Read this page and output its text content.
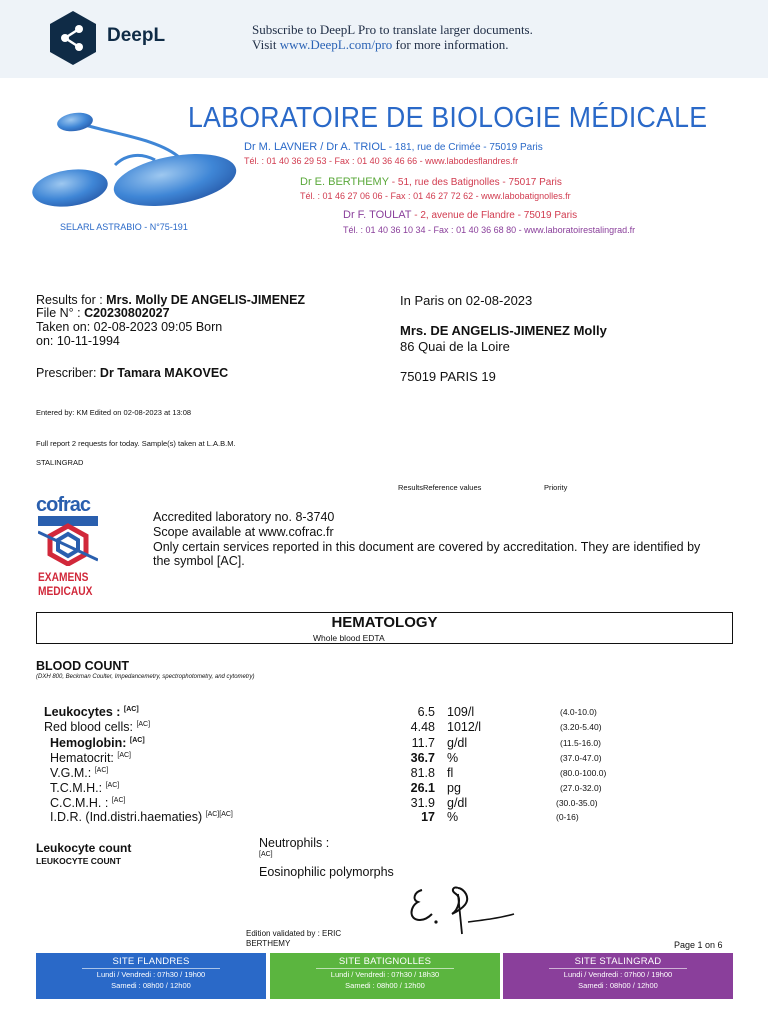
DeepL	Subscribe to DeepL Pro to translate larger documents.
Visit www.DeepL.com/pro for more information.
SELARL ASTRABIO - N°75-191
LABORATOIRE DE BIOLOGIE MÉDICALE
Dr M. LAVNER / Dr A. TRIOL - 181, rue de Crimée - 75019 Paris
Tél. : 01 40 36 29 53 - Fax : 01 40 36 46 66 - www.labodesflandres.fr
Dr E. BERTHEMY - 51, rue des Batignolles - 75017 Paris
Tél. : 01 46 27 06 06 - Fax : 01 46 27 72 62 - www.labobatignolles.fr
Dr F. TOULAT - 2, avenue de Flandre - 75019 Paris
Tél. : 01 40 36 10 34 - Fax : 01 40 36 68 80 - www.laboratoirestalingrad.fr
Results for : Mrs. Molly DE ANGELIS-JIMENEZ
File N° : C20230802027
Taken on: 02-08-2023 09:05 Born
on: 10-11-1994
Prescriber: Dr Tamara MAKOVEC
In Paris on 02-08-2023
Mrs. DE ANGELIS-JIMENEZ Molly
86 Quai de la Loire
75019 PARIS 19
Entered by: KM Edited on 02-08-2023 at 13:08
Full report 2 requests for today. Sample(s) taken at L.A.B.M.
STALINGRAD
ResultsReference values	Priority
cofrac
EXAMENS
MEDICAUX
Accredited laboratory no. 8-3740
Scope available at www.cofrac.fr
Only certain services reported in this document are covered by accreditation. They are identified by
the symbol [AC].
HEMATOLOGY
Whole blood EDTA
BLOOD COUNT
(DXH 800, Beckman Coulter, Impedancemetry, spectrophotometry, and cytometry)
Leukocytes : [AC]	6.5 109/l	(4.0-10.0)
Red blood cells: [AC]	4.48 1012/l	(3.20-5.40)
Hemoglobin: [AC]	11.7 g/dl	(11.5-16.0)
Hematocrit: [AC]	36.7 %	(37.0-47.0)
V.G.M.: [AC]	81.8 fl	(80.0-100.0)
T.C.M.H.: [AC]	26.1 pg	(27.0-32.0)
C.C.M.H. : [AC]	31.9 g/dl	(30.0-35.0)
I.D.R. (Ind.distri.haematies) [AC][AC]	17 %	(0-16)
Leukocyte count
LEUKOCYTE COUNT
Neutrophils :
[AC]
Eosinophilic polymorphs
Edition validated by : ERIC
BERTHEMY	Page 1 on 6
SITE FLANDRES
Lundi / Vendredi : 07h30 / 19h00
Samedi : 08h00 / 12h00
SITE BATIGNOLLES
Lundi / Vendredi : 07h30 / 18h30
Samedi : 08h00 / 12h00
SITE STALINGRAD
Lundi / Vendredi : 07h00 / 19h00
Samedi : 08h00 / 12h00
